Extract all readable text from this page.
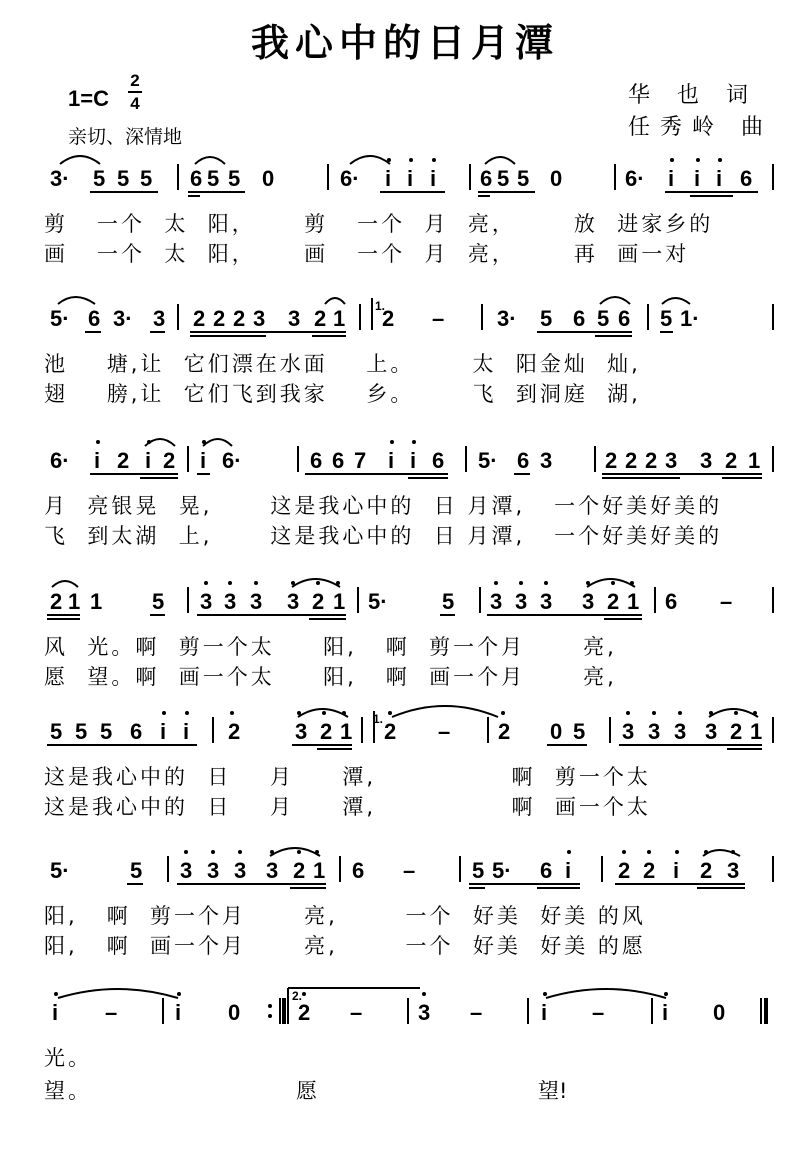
我心中的日月潭
1=C
2
4
亲切、深情地
华 也 词
任秀岭 曲
3· 5 5 5 6 5 5 0	6· i i i 6 5 5 0	6· i i i 6
剪   一个  太  阳，     剪   一个  月  亮，      放  进家乡的
画   一个  太  阳，     画   一个  月  亮，      再  画一对
5· 6 3· 3 2 2 2 3 3 2 1 1.
2 – 3· 5 6 5 6 5 1·
池    塘,让  它们漂在水面    上。      太  阳金灿  灿,
翅    膀,让  它们飞到我家    乡。      飞  到洞庭  湖,
6· i 2 i 2 i 6·	6 6 7 i i 6 5· 6 3 2 2 2 3 3 2 1
月  亮银晃  晃,      这是我心中的  日 月潭,   一个好美好美的
飞  到太湖  上,      这是我心中的  日 月潭,   一个好美好美的
2 1 1 5 3 3 3 3 2 1 5· 5 3 3 3 3 2 1 6 –
风  光。啊  剪一个太     阳,   啊  剪一个月      亮,
愿  望。啊  画一个太     阳,   啊  画一个月      亮,
5 5 5 6 i i 2 3 2 1 1. 2 – 2 0 5 3 3 3 3 2 1
这是我心中的  日    月     潭,              啊  剪一个太
这是我心中的  日    月     潭,              啊  画一个太
5·	5 3 3 3 3 2 1 6 –	5 5· 6 i 2 2 i 2 3
阳,   啊  剪一个月      亮,       一个  好美  好美 的风
阳,   啊  画一个月      亮,       一个  好美  好美 的愿
i –	i 0
2.
2 –	3 –	i –	i 0
光。
望。	愿	望!
